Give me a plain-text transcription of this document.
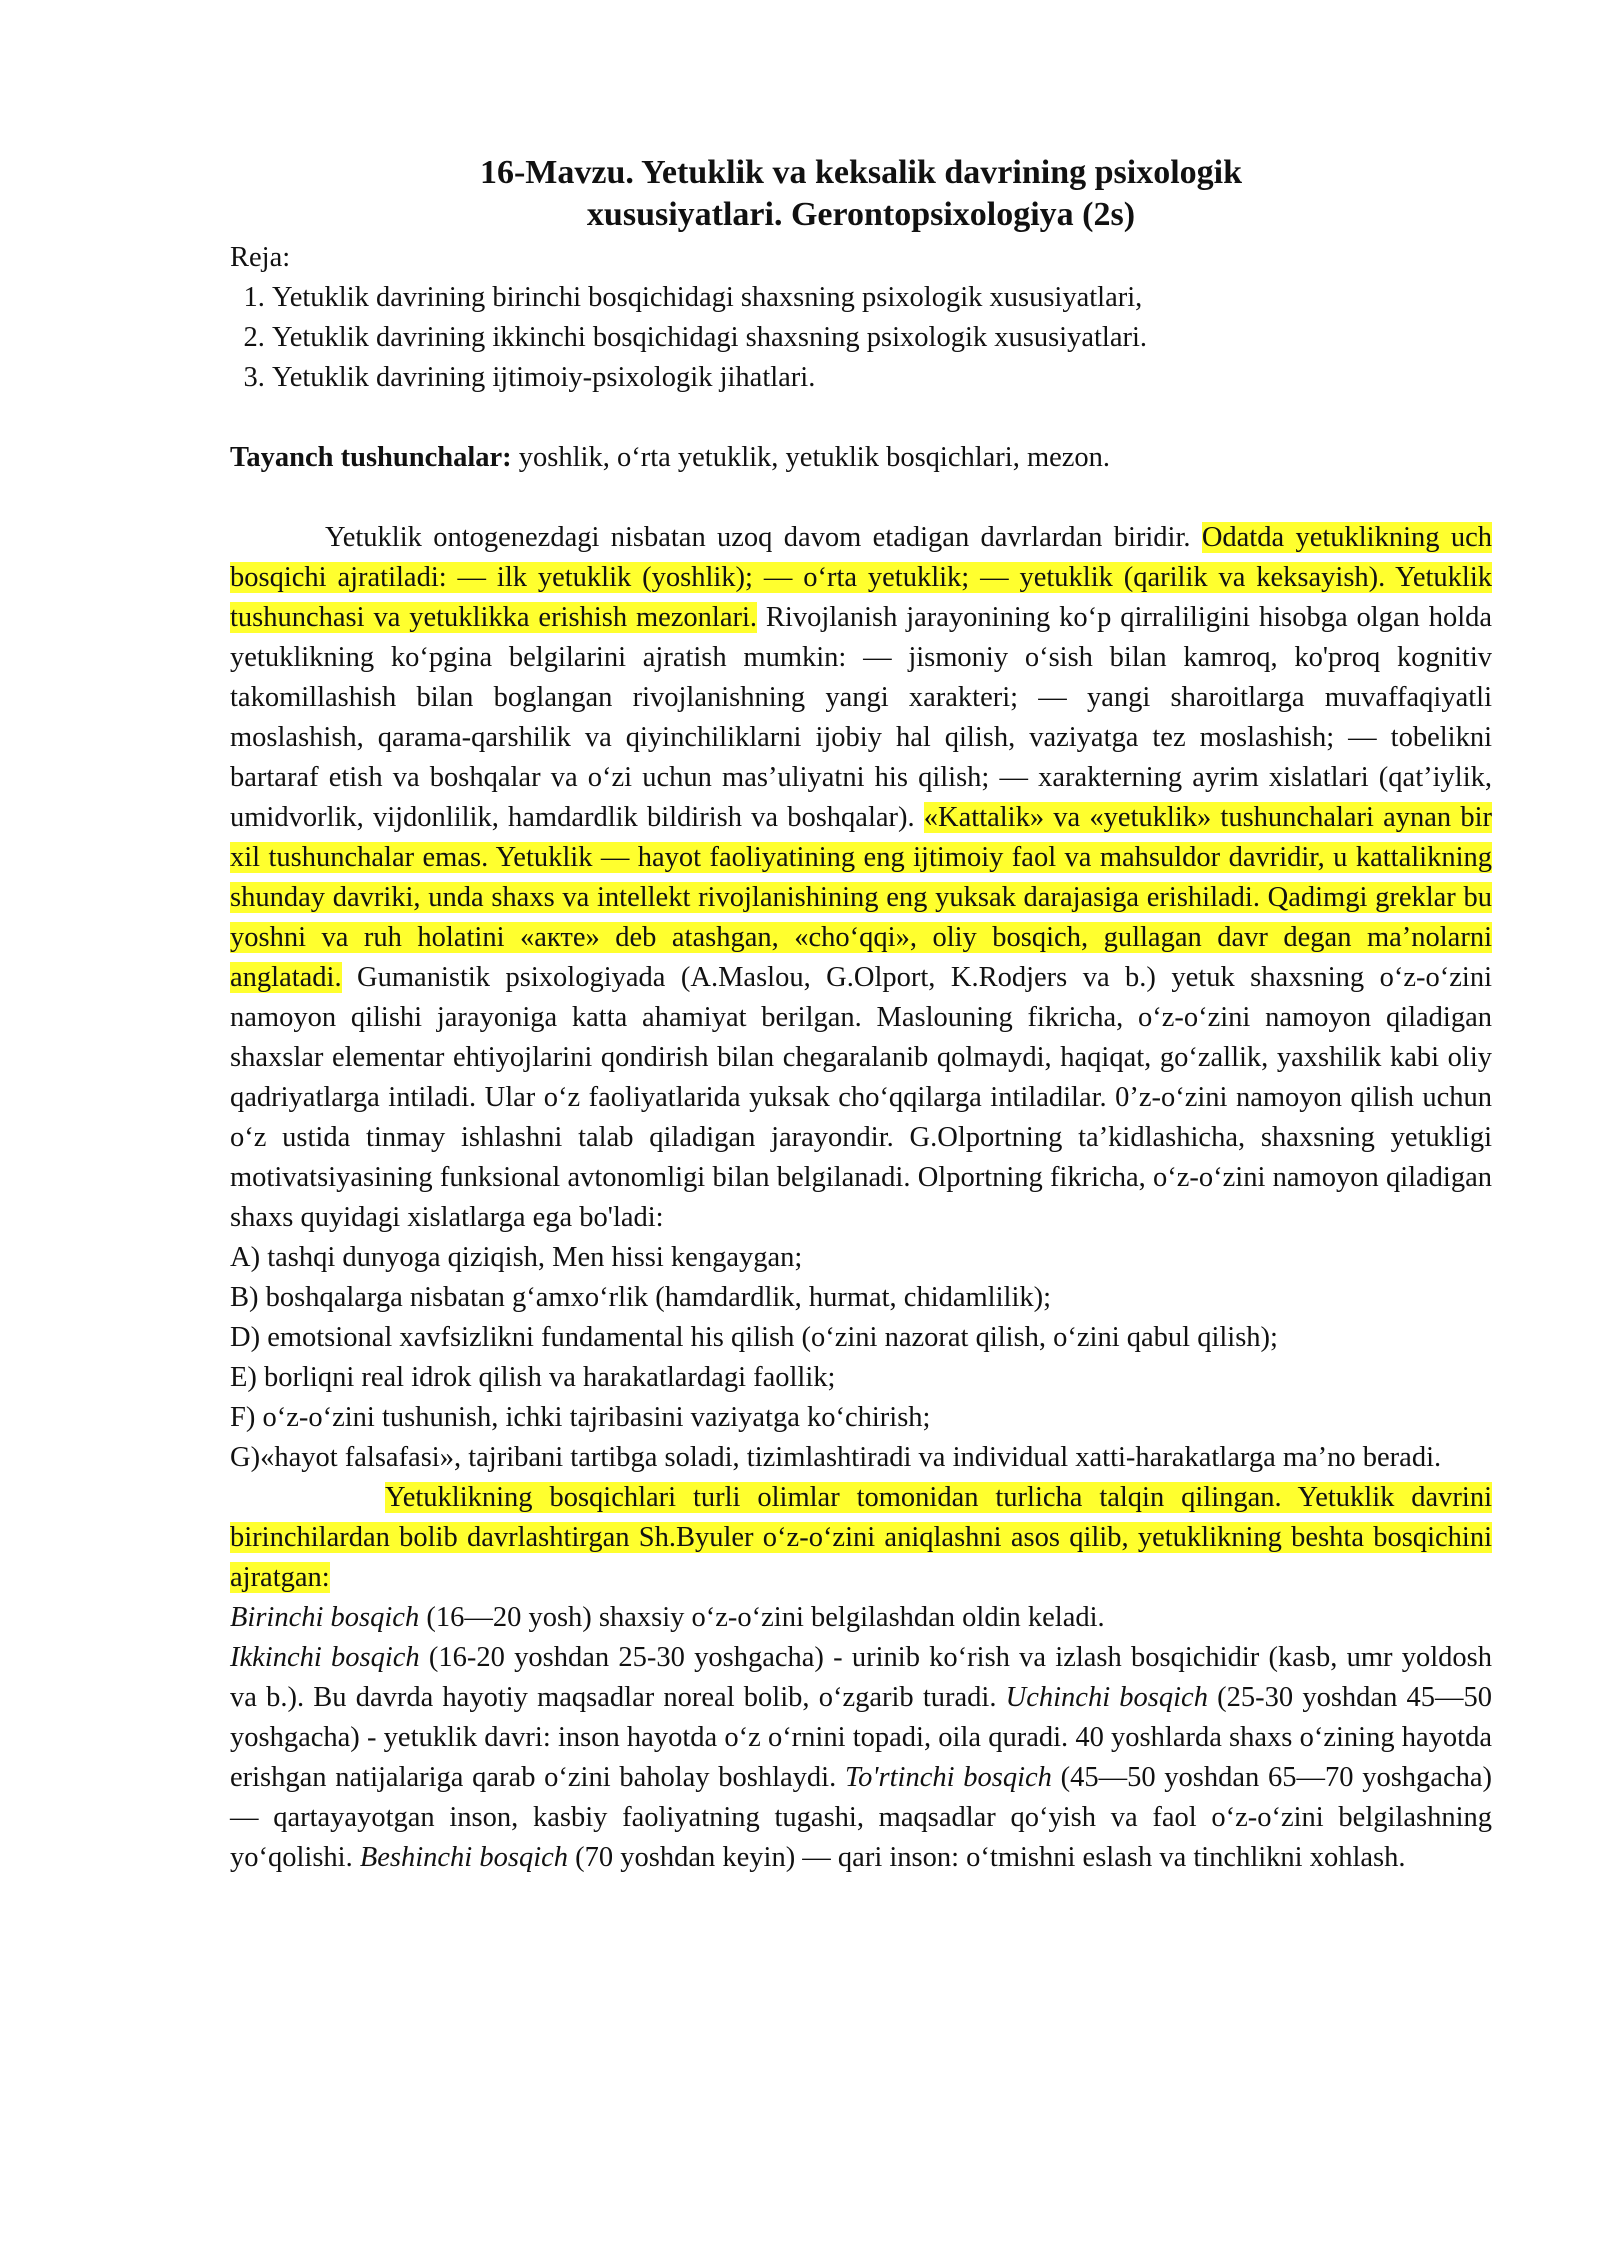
16-Mavzu. Yetuklik va keksalik davrining psixologik
xususiyatlari. Gerontopsixologiya (2s)

Reja:

1. Yetuklik davrining birinchi bosqichidagi shaxsning psixologik xususiyatlari,
2. Yetuklik davrining ikkinchi bosqichidagi shaxsning psixologik xususiyatlari.
3. Yetuklik davrining ijtimoiy-psixologik jihatlari.

Tayanch tushunchalar: yoshlik, o‘rta yetuklik, yetuklik bosqichlari, mezon.

Yetuklik ontogenezdagi nisbatan uzoq davom etadigan davrlardan biridir. Odatda yetuklikning uch bosqichi ajratiladi: — ilk yetuklik (yoshlik); — o‘rta yetuklik; — yetuklik (qarilik va keksayish). Yetuklik tushunchasi va yetuklikka erishish mezonlari. Rivojlanish jarayonining ko‘p qirraliligini hisobga olgan holda yetuklikning ko‘pgina belgilarini ajratish mumkin: — jismoniy o‘sish bilan kamroq, ko'proq kognitiv takomillashish bilan boglangan rivojlanishning yangi xarakteri; — yangi sharoitlarga muvaffaqiyatli moslashish, qarama-qarshilik va qiyinchiliklarni ijobiy hal qilish, vaziyatga tez moslashish; — tobelikni bartaraf etish va boshqalar va o‘zi uchun mas’uliyatni his qilish; — xarakterning ayrim xislatlari (qat’iylik, umidvorlik, vijdonlilik, hamdardlik bildirish va boshqalar). «Kattalik» va «yetuklik» tushunchalari aynan bir xil tushunchalar emas. Yetuklik — hayot faoliyatining eng ijtimoiy faol va mahsuldor davridir, u kattalikning shunday davriki, unda shaxs va intellekt rivojlanishining eng yuksak darajasiga erishiladi. Qadimgi greklar bu yoshni va ruh holatini «акте» deb atashgan, «cho‘qqi», oliy bosqich, gullagan davr degan ma’nolarni anglatadi. Gumanistik psixologiyada (A.Maslou, G.Olport, K.Rodjers va b.) yetuk shaxsning o‘z-o‘zini namoyon qilishi jarayoniga katta ahamiyat berilgan. Maslouning fikricha, o‘z-o‘zini namoyon qiladigan shaxslar elementar ehtiyojlarini qondirish bilan chegaralanib qolmaydi, haqiqat, go‘zallik, yaxshilik kabi oliy qadriyatlarga intiladi. Ular o‘z faoliyatlarida yuksak cho‘qqilarga intiladilar. 0’z-o‘zini namoyon qilish uchun o‘z ustida tinmay ishlashni talab qiladigan jarayondir. G.Olportning ta’kidlashicha, shaxsning yetukligi motivatsiyasining funksional avtonomligi bilan belgilanadi. Olportning fikricha, o‘z-o‘zini namoyon qiladigan shaxs quyidagi xislatlarga ega bo'ladi:

A) tashqi dunyoga qiziqish, Men hissi kengaygan;

B) boshqalarga nisbatan g‘amxo‘rlik (hamdardlik, hurmat, chidamlilik);

D) emotsional xavfsizlikni fundamental his qilish (o‘zini nazorat qilish, o‘zini qabul qilish);

E) borliqni real idrok qilish va harakatlardagi faollik;

F) o‘z-o‘zini tushunish, ichki tajribasini vaziyatga ko‘chirish;

G)«hayot falsafasi», tajribani tartibga soladi, tizimlashtiradi va individual xatti-harakatlarga ma’no beradi.

Yetuklikning bosqichlari turli olimlar tomonidan turlicha talqin qilingan. Yetuklik davrini birinchilardan bolib davrlashtirgan Sh.Byuler o‘z-o‘zini aniqlashni asos qilib, yetuklikning beshta bosqichini ajratgan:

Birinchi bosqich (16—20 yosh) shaxsiy o‘z-o‘zini belgilashdan oldin keladi.

Ikkinchi bosqich (16-20 yoshdan 25-30 yoshgacha) - urinib ko‘rish va izlash bosqichidir (kasb, umr yoldosh va b.). Bu davrda hayotiy maqsadlar noreal bolib, o‘zgarib turadi. Uchinchi bosqich (25-30 yoshdan 45—50 yoshgacha) - yetuklik davri: inson hayotda o‘z o‘rnini topadi, oila quradi. 40 yoshlarda shaxs o‘zining hayotda erishgan natijalariga qarab o‘zini baholay boshlaydi. To'rtinchi bosqich (45—50 yoshdan 65—70 yoshgacha) — qartayayotgan inson, kasbiy faoliyatning tugashi, maqsadlar qo‘yish va faol o‘z-o‘zini belgilashning yo‘qolishi. Beshinchi bosqich (70 yoshdan keyin) — qari inson: o‘tmishni eslash va tinchlikni xohlash.
